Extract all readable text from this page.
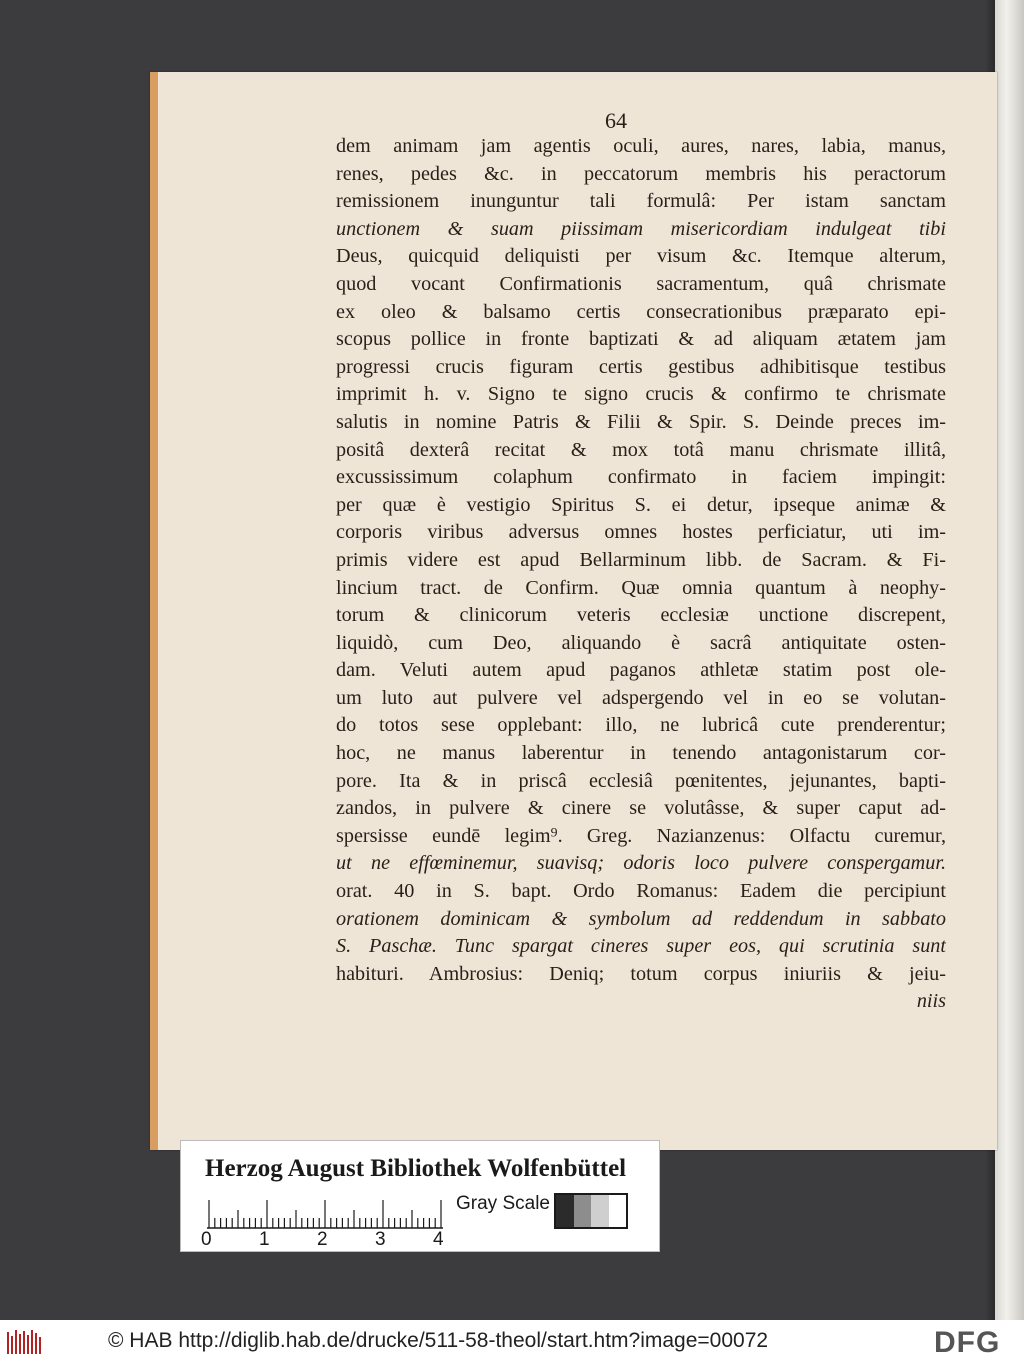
64
dem animam jam agentis oculi, aures, nares, labia, manus,
renes, pedes &c. in peccatorum membris his peractorum
remissionem inunguntur tali formulâ: Per istam sanctam
unctionem & suam piissimam misericordiam indulgeat tibi
Deus, quicquid deliquisti per visum &c. Itemque alterum,
quod vocant Confirmationis sacramentum, quâ chrismate
ex oleo & balsamo certis consecrationibus præparato epi-
scopus pollice in fronte baptizati & ad aliquam ætatem jam
progressi crucis figuram certis gestibus adhibitisque testibus
imprimit h. v. Signo te signo crucis & confirmo te chrismate
salutis in nomine Patris & Filii & Spir. S. Deinde preces im-
positâ dexterâ recitat & mox totâ manu chrismate illitâ,
excussissimum colaphum confirmato in faciem impingit:
per quæ è vestigio Spiritus S. ei detur, ipseque animæ &
corporis viribus adversus omnes hostes perficiatur, uti im-
primis videre est apud Bellarminum libb. de Sacram. & Fi-
lincium tract. de Confirm. Quæ omnia quantum à neophy-
torum & clinicorum veteris ecclesiæ unctione discrepent,
liquidò, cum Deo, aliquando è sacrâ antiquitate osten-
dam. Veluti autem apud paganos athletæ statim post ole-
um luto aut pulvere vel adspergendo vel in eo se volutan-
do totos sese opplebant: illo, ne lubricâ cute prenderentur;
hoc, ne manus laberentur in tenendo antagonistarum cor-
pore. Ita & in priscâ ecclesiâ pœnitentes, jejunantes, bapti-
zandos, in pulvere & cinere se volutâsse, & super caput ad-
spersisse eundē legim⁹. Greg. Nazianzenus: Olfactu curemur,
ut ne effœminemur, suavisq; odoris loco pulvere conspergamur.
orat. 40 in S. bapt. Ordo Romanus: Eadem die percipiunt
orationem dominicam & symbolum ad reddendum in sabbato
S. Paschæ. Tunc spargat cineres super eos, qui scrutinia sunt
habituri. Ambrosius: Deniq; totum corpus iniuriis & jeiu-
niis
Herzog August Bibliothek Wolfenbüttel
0 1 2 3 4
Gray Scale
© HAB http://diglib.hab.de/drucke/511-58-theol/start.htm?image=00072	DFG
